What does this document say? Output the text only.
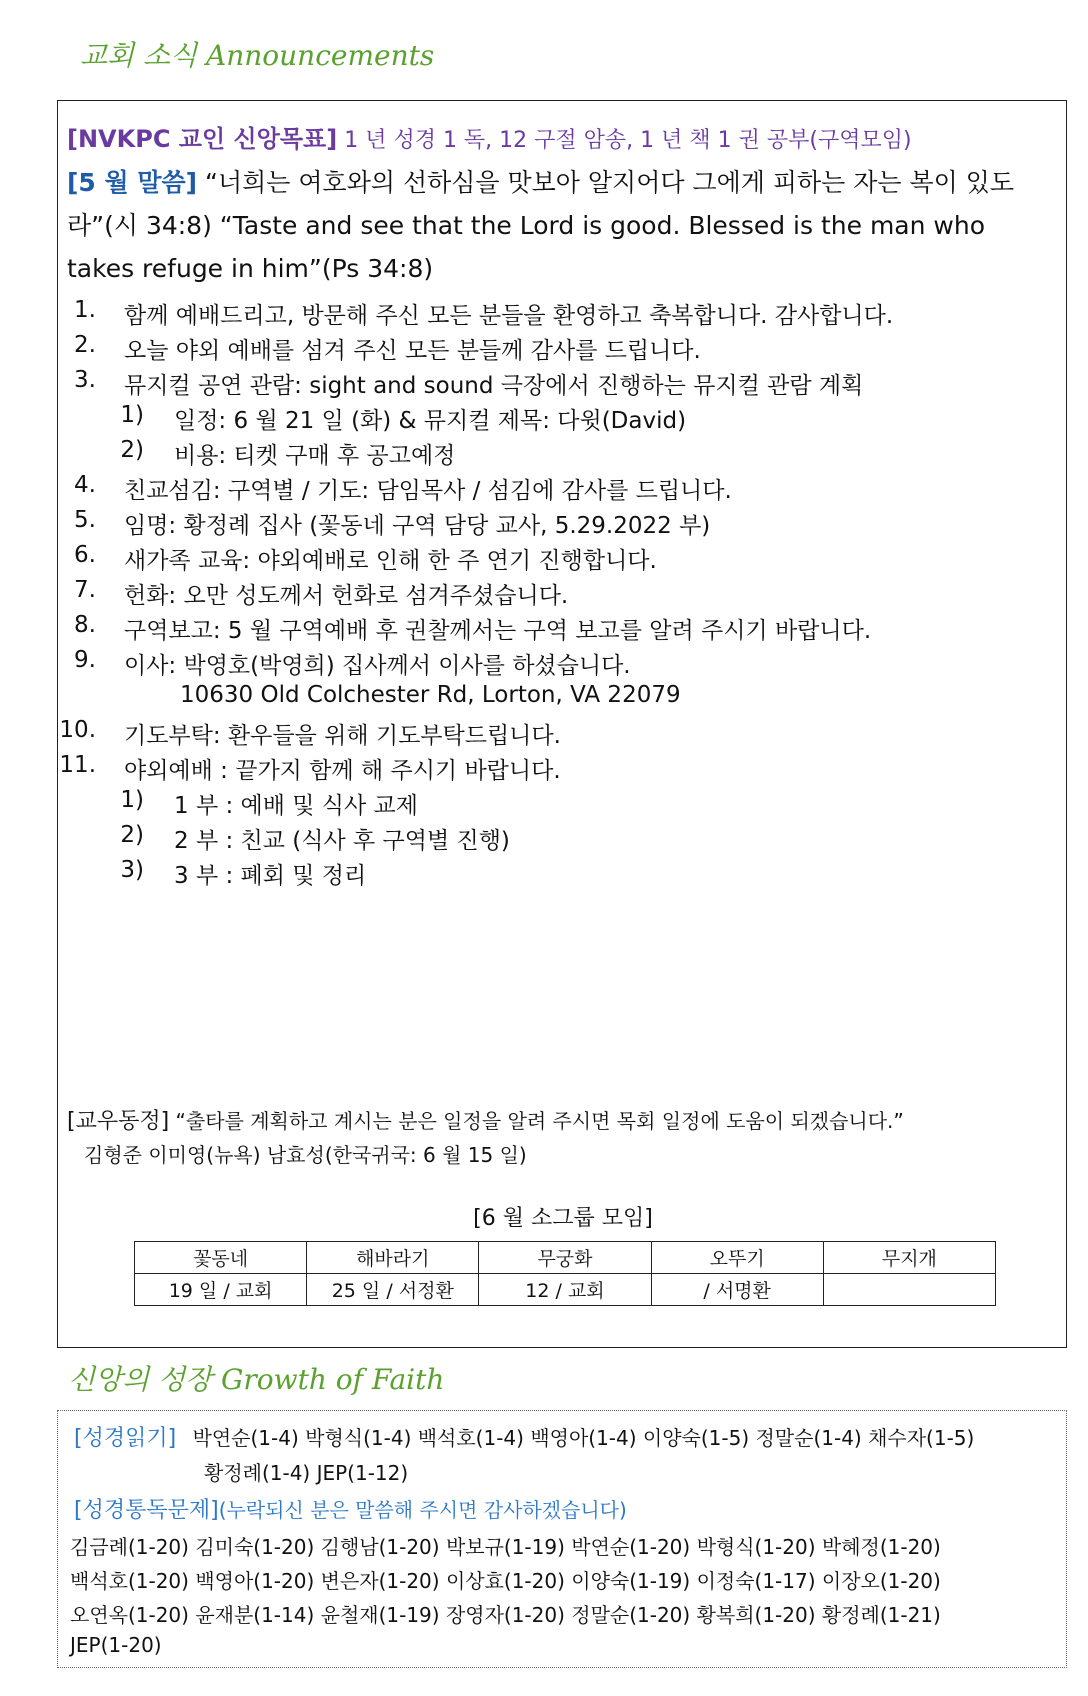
교회 소식 Announcements
[NVKPC 교인 신앙목표] 1 년 성경 1 독, 12 구절 암송, 1 년 책 1 권 공부(구역모임)
[5 월 말씀] “너희는 여호와의 선하심을 맛보아 알지어다 그에게 피하는 자는 복이 있도라”(시 34:8) “Taste and see that the Lord is good. Blessed is the man who takes refuge in him”(Ps 34:8)
1. 함께 예배드리고, 방문해 주신 모든 분들을 환영하고 축복합니다. 감사합니다.
2. 오늘 야외 예배를 섬겨 주신 모든 분들께 감사를 드립니다.
3. 뮤지컬 공연 관람: sight and sound 극장에서 진행하는 뮤지컬 관람 계획
1) 일정: 6 월 21 일 (화) & 뮤지컬 제목: 다윗(David)
2) 비용: 티켓 구매 후 공고예정
4. 친교섬김: 구역별 / 기도: 담임목사 / 섬김에 감사를 드립니다.
5. 임명: 황정례 집사 (꽃동네 구역 담당 교사, 5.29.2022 부)
6. 새가족 교육: 야외예배로 인해 한 주 연기 진행합니다.
7. 헌화: 오만 성도께서 헌화로 섬겨주셨습니다.
8. 구역보고: 5 월 구역예배 후 권찰께서는 구역 보고를 알려 주시기 바랍니다.
9. 이사: 박영호(박영희) 집사께서 이사를 하셨습니다.
10630 Old Colchester Rd, Lorton, VA 22079
10. 기도부탁: 환우들을 위해 기도부탁드립니다.
11. 야외예배 : 끝가지 함께 해 주시기 바랍니다.
1) 1 부 : 예배 및 식사 교제
2) 2 부 : 친교 (식사 후 구역별 진행)
3) 3 부 : 폐회 및 정리
[교우동정] “출타를 계획하고 계시는 분은 일정을 알려 주시면 목회 일정에 도움이 되겠습니다.”
김형준 이미영(뉴욕) 남효성(한국귀국: 6 월 15 일)
[6 월 소그룹 모임]
꽃동네	해바라기	무궁화	오뚜기	무지개
19 일 / 교회	25 일 / 서정환	12 / 교회	/ 서명환	
신앙의 성장 Growth of Faith
[성경읽기] 박연순(1-4) 박형식(1-4) 백석호(1-4) 백영아(1-4) 이양숙(1-5) 정말순(1-4) 채수자(1-5)
황정례(1-4) JEP(1-12)
[성경통독문제](누락되신 분은 말씀해 주시면 감사하겠습니다)
김금례(1-20) 김미숙(1-20) 김행남(1-20) 박보규(1-19) 박연순(1-20) 박형식(1-20) 박혜정(1-20)
백석호(1-20) 백영아(1-20) 변은자(1-20) 이상효(1-20) 이양숙(1-19) 이정숙(1-17) 이장오(1-20)
오연옥(1-20) 윤재분(1-14) 윤철재(1-19) 장영자(1-20) 정말순(1-20) 황복희(1-20) 황정례(1-21)
JEP(1-20)
